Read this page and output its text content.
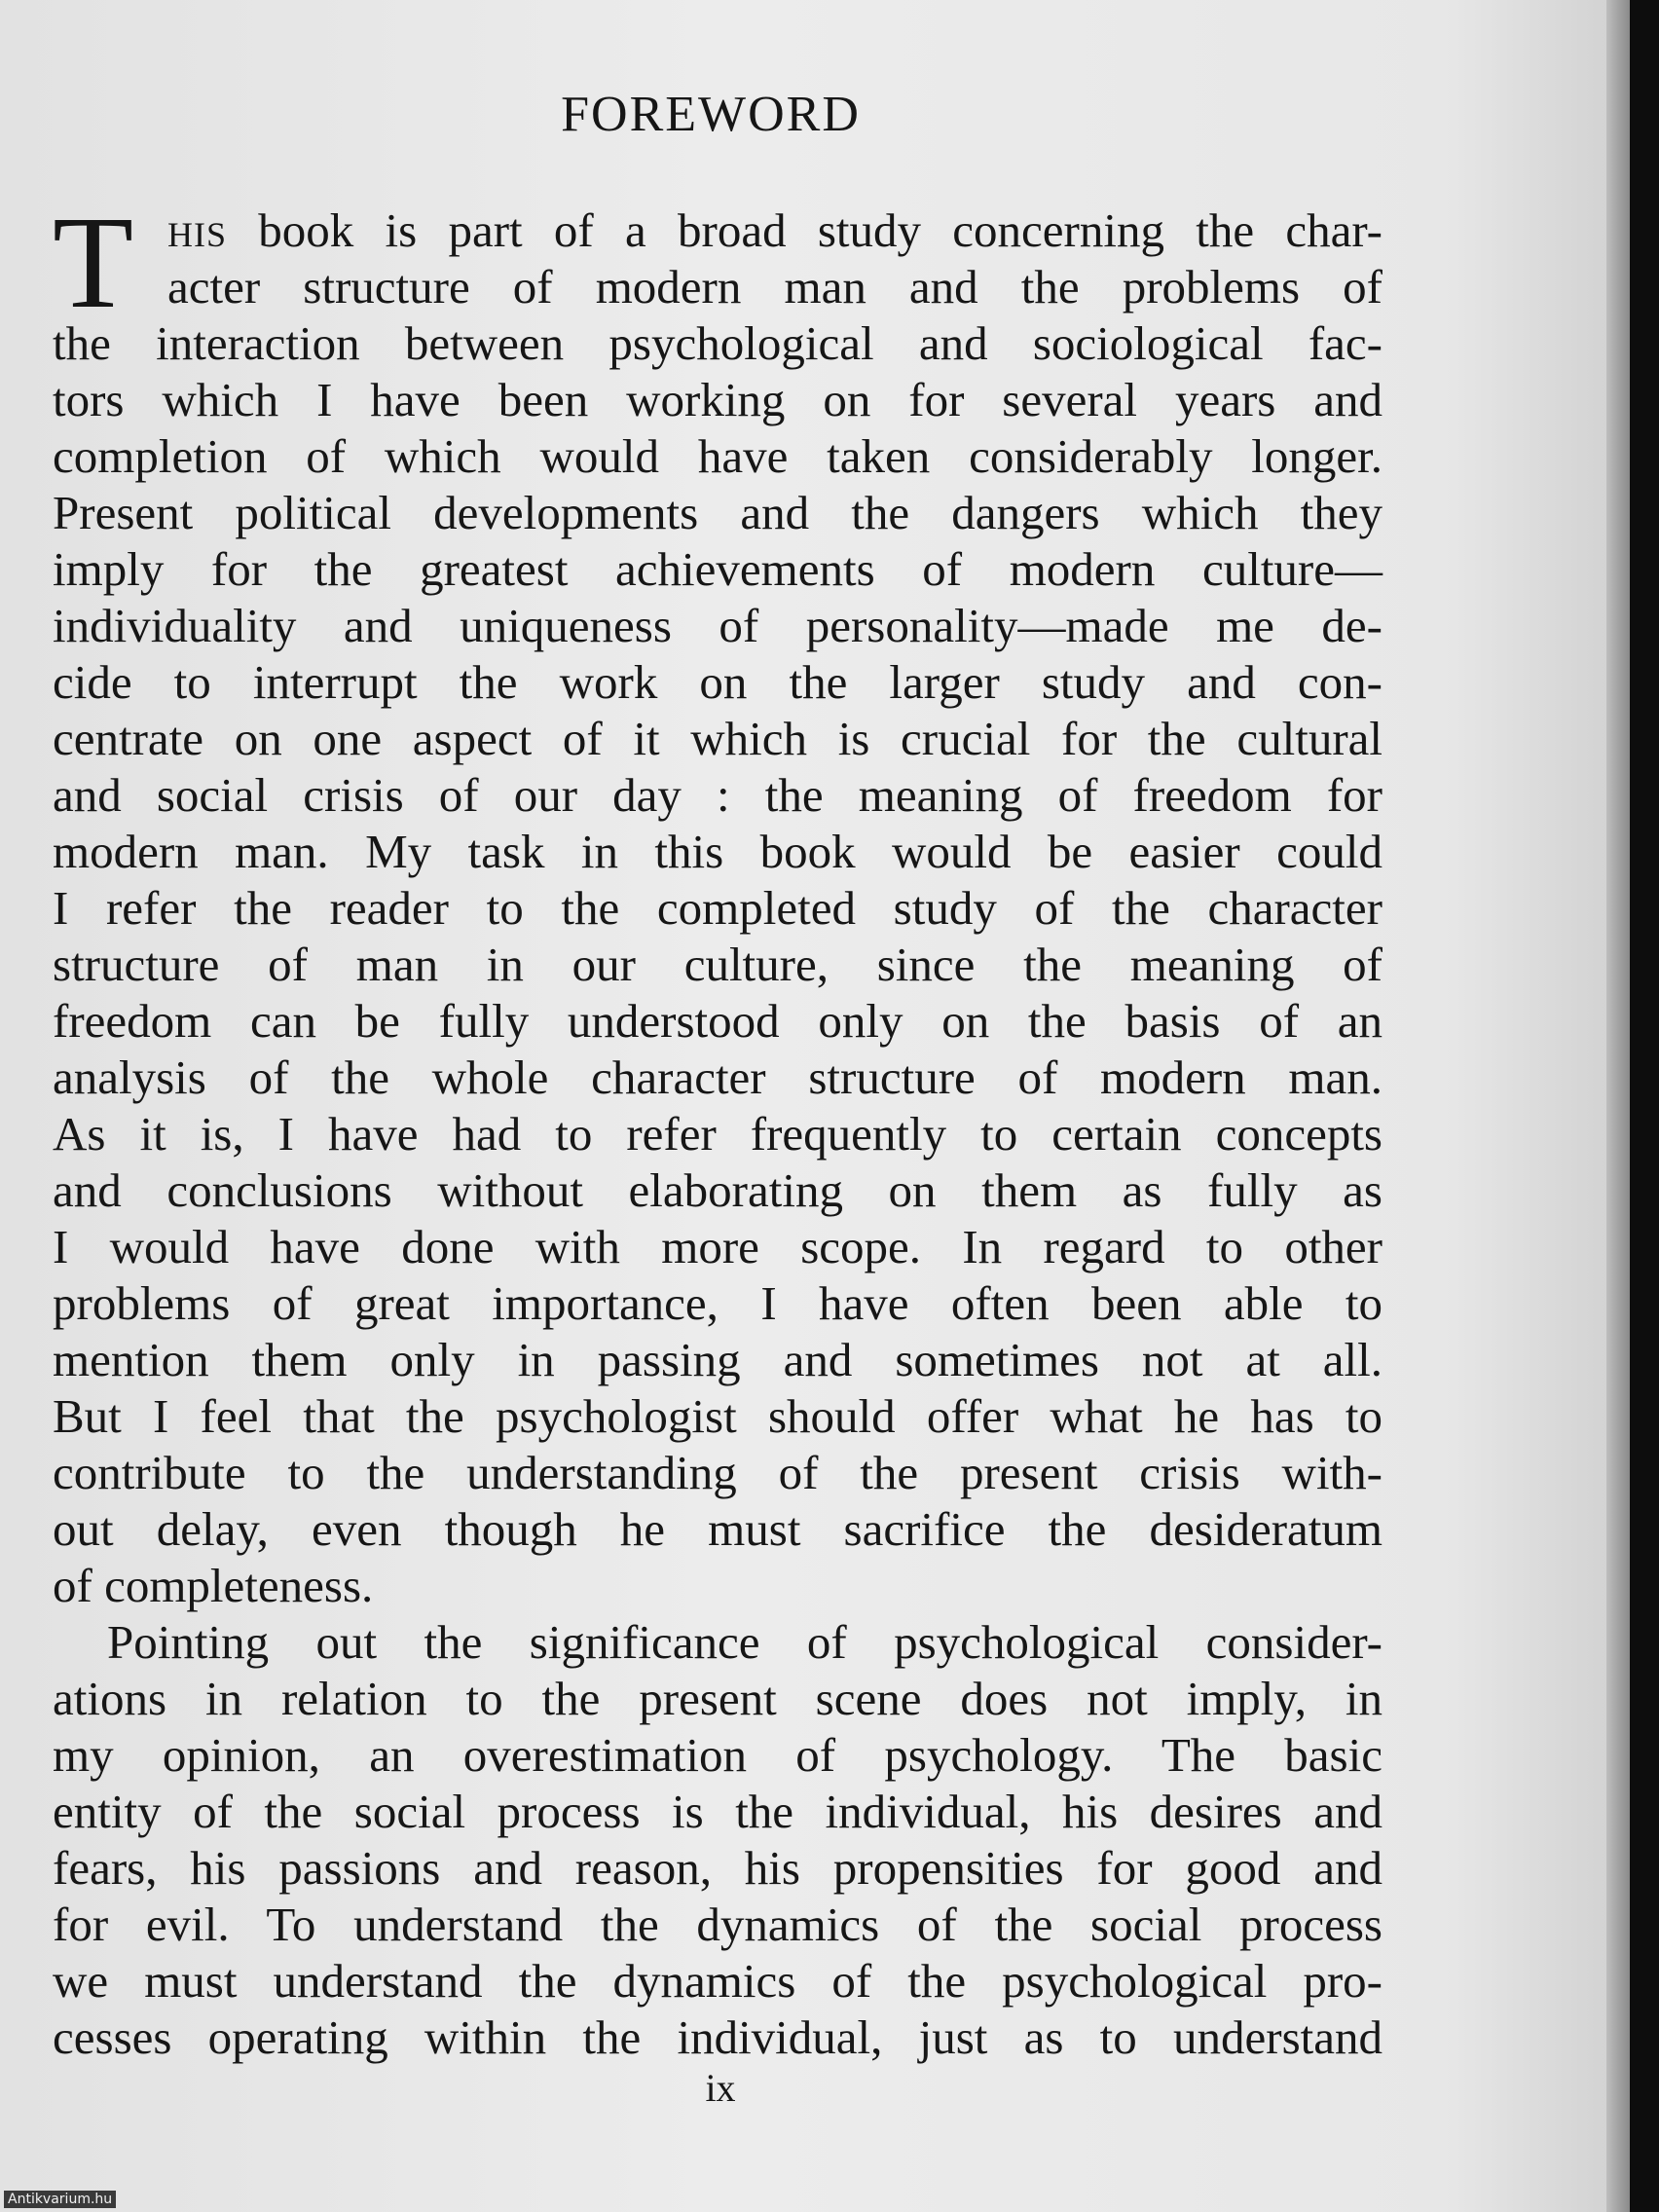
FOREWORD
T HIS book is part of a broad study concerning the char-
acter structure of modern man and the problems of
the interaction between psychological and sociological fac-
tors which I have been working on for several years and
completion of which would have taken considerably longer.
Present political developments and the dangers which they
imply for the greatest achievements of modern culture—
individuality and uniqueness of personality—made me de-
cide to interrupt the work on the larger study and con-
centrate on one aspect of it which is crucial for the cultural
and social crisis of our day : the meaning of freedom for
modern man. My task in this book would be easier could
I refer the reader to the completed study of the character
structure of man in our culture, since the meaning of
freedom can be fully understood only on the basis of an
analysis of the whole character structure of modern man.
As it is, I have had to refer frequently to certain concepts
and conclusions without elaborating on them as fully as
I would have done with more scope. In regard to other
problems of great importance, I have often been able to
mention them only in passing and sometimes not at all.
But I feel that the psychologist should offer what he has to
contribute to the understanding of the present crisis with-
out delay, even though he must sacrifice the desideratum
of completeness.
Pointing out the significance of psychological consider-
ations in relation to the present scene does not imply, in
my opinion, an overestimation of psychology. The basic
entity of the social process is the individual, his desires and
fears, his passions and reason, his propensities for good and
for evil. To understand the dynamics of the social process
we must understand the dynamics of the psychological pro-
cesses operating within the individual, just as to understand
ix
Antikvarium.hu
